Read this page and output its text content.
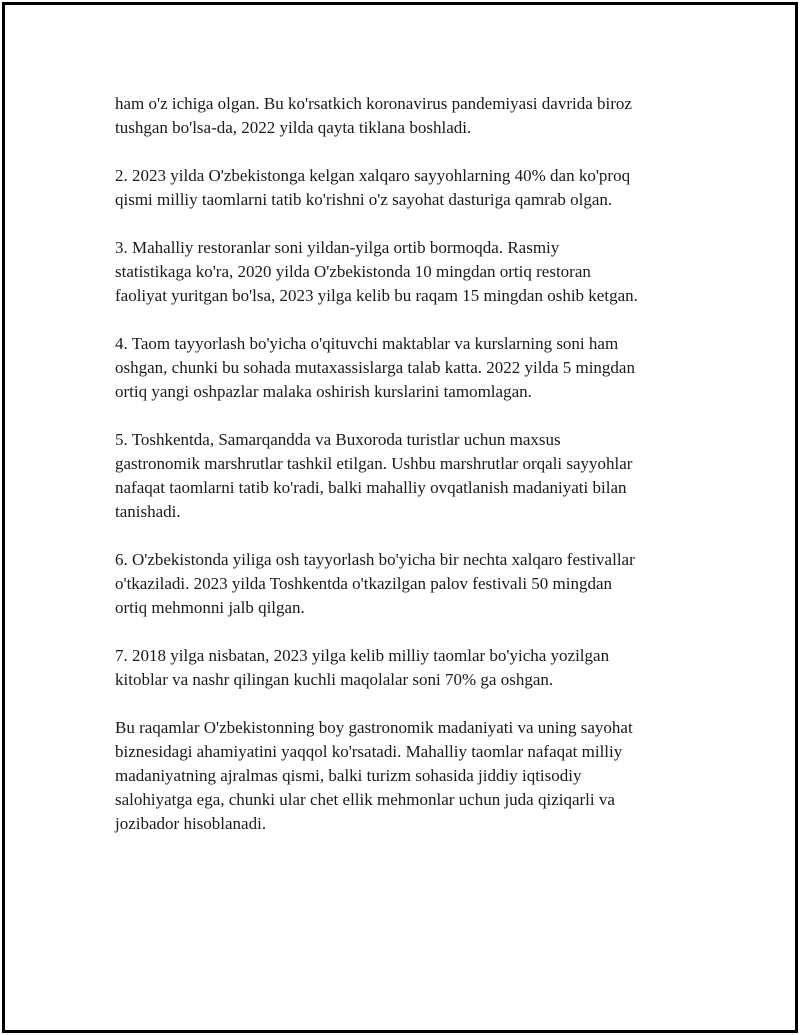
ham o'z ichiga olgan. Bu ko'rsatkich koronavirus pandemiyasi davrida biroz
tushgan bo'lsa-da, 2022 yilda qayta tiklana boshladi.

2. 2023 yilda O'zbekistonga kelgan xalqaro sayyohlarning 40% dan ko'proq
qismi milliy taomlarni tatib ko'rishni o'z sayohat dasturiga qamrab olgan.

3. Mahalliy restoranlar soni yildan-yilga ortib bormoqda. Rasmiy
statistikaga ko'ra, 2020 yilda O'zbekistonda 10 mingdan ortiq restoran
faoliyat yuritgan bo'lsa, 2023 yilga kelib bu raqam 15 mingdan oshib ketgan.

4. Taom tayyorlash bo'yicha o'qituvchi maktablar va kurslarning soni ham
oshgan, chunki bu sohada mutaxassislarga talab katta. 2022 yilda 5 mingdan
ortiq yangi oshpazlar malaka oshirish kurslarini tamomlagan.

5. Toshkentda, Samarqandda va Buxoroda turistlar uchun maxsus
gastronomik marshrutlar tashkil etilgan. Ushbu marshrutlar orqali sayyohlar
nafaqat taomlarni tatib ko'radi, balki mahalliy ovqatlanish madaniyati bilan
tanishadi.

6. O'zbekistonda yiliga osh tayyorlash bo'yicha bir nechta xalqaro festivallar
o'tkaziladi. 2023 yilda Toshkentda o'tkazilgan palov festivali 50 mingdan
ortiq mehmonni jalb qilgan.

7. 2018 yilga nisbatan, 2023 yilga kelib milliy taomlar bo'yicha yozilgan
kitoblar va nashr qilingan kuchli maqolalar soni 70% ga oshgan.

Bu raqamlar O'zbekistonning boy gastronomik madaniyati va uning sayohat
biznesidagi ahamiyatini yaqqol ko'rsatadi. Mahalliy taomlar nafaqat milliy
madaniyatning ajralmas qismi, balki turizm sohasida jiddiy iqtisodiy
salohiyatga ega, chunki ular chet ellik mehmonlar uchun juda qiziqarli va
jozibador hisoblanadi.
